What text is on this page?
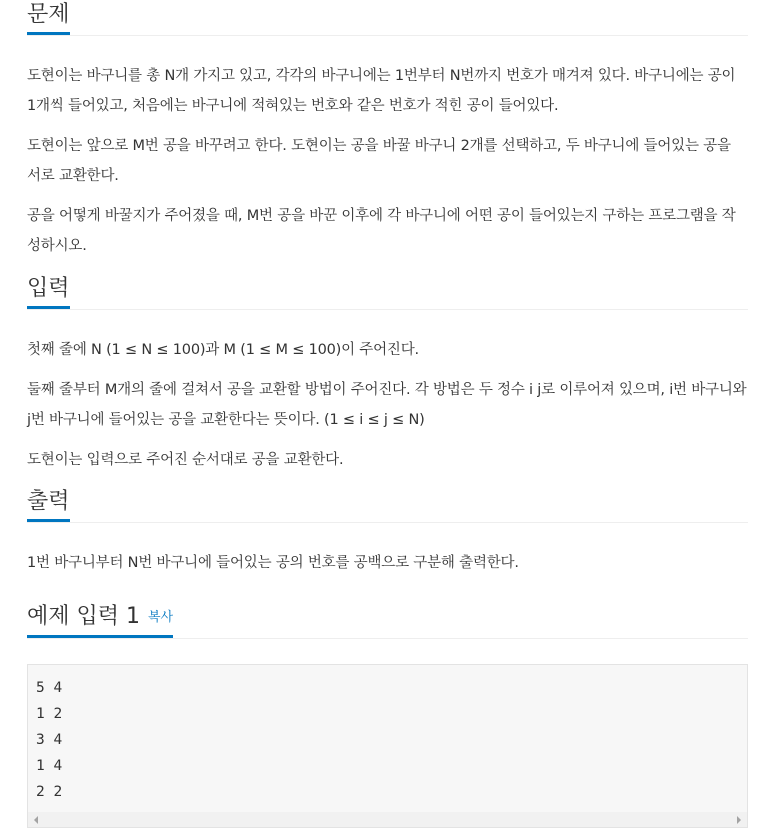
문제

도현이는 바구니를 총 N개 가지고 있고, 각각의 바구니에는 1번부터 N번까지 번호가 매겨져 있다. 바구니에는 공이 1개씩 들어있고, 처음에는 바구니에 적혀있는 번호와 같은 번호가 적힌 공이 들어있다.

도현이는 앞으로 M번 공을 바꾸려고 한다. 도현이는 공을 바꿀 바구니 2개를 선택하고, 두 바구니에 들어있는 공을 서로 교환한다.

공을 어떻게 바꿀지가 주어졌을 때, M번 공을 바꾼 이후에 각 바구니에 어떤 공이 들어있는지 구하는 프로그램을 작성하시오.

입력

첫째 줄에 N (1 ≤ N ≤ 100)과 M (1 ≤ M ≤ 100)이 주어진다.

둘째 줄부터 M개의 줄에 걸쳐서 공을 교환할 방법이 주어진다. 각 방법은 두 정수 i j로 이루어져 있으며, i번 바구니와 j번 바구니에 들어있는 공을 교환한다는 뜻이다. (1 ≤ i ≤ j ≤ N)

도현이는 입력으로 주어진 순서대로 공을 교환한다.

출력

1번 바구니부터 N번 바구니에 들어있는 공의 번호를 공백으로 구분해 출력한다.

예제 입력 1 복사
5 4
1 2
3 4
1 4
2 2
